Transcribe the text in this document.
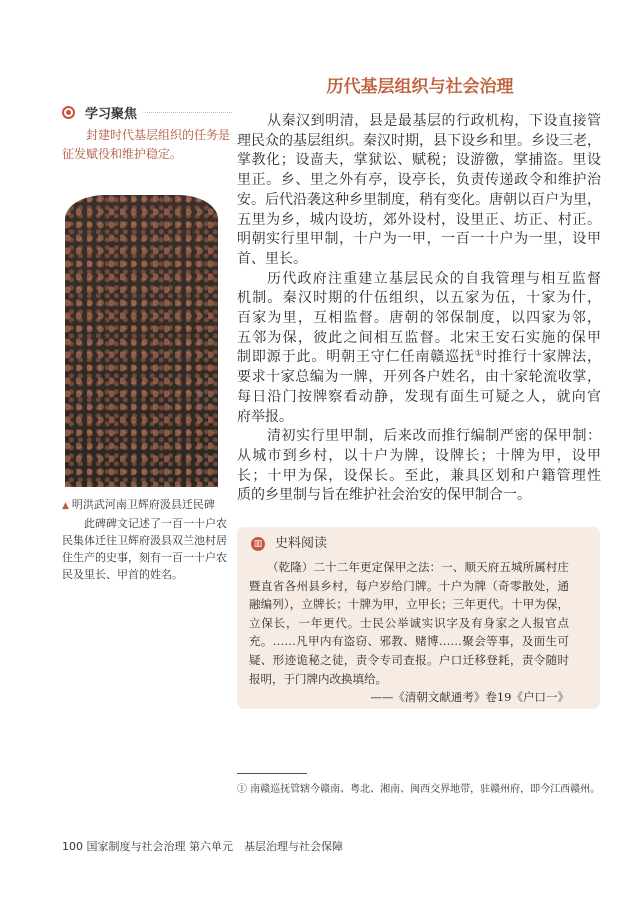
历代基层组织与社会治理
从秦汉到明清，县是最基层的行政机构，下设直接管
理民众的基层组织。秦汉时期，县下设乡和里。乡设三老，
掌教化；设啬夫，掌狱讼、赋税；设游徼，掌捕盗。里设
里正。乡、里之外有亭，设亭长，负责传递政令和维护治
安。后代沿袭这种乡里制度，稍有变化。唐朝以百户为里，
五里为乡，城内设坊，郊外设村，设里正、坊正、村正。
明朝实行里甲制，十户为一甲，一百一十户为一里，设甲
首、里长。
历代政府注重建立基层民众的自我管理与相互监督
机制。秦汉时期的什伍组织，以五家为伍，十家为什，
百家为里，互相监督。唐朝的邻保制度，以四家为邻，
五邻为保，彼此之间相互监督。北宋王安石实施的保甲
制即源于此。明朝王守仁任南赣巡抚①时推行十家牌法，
要求十家总编为一牌，开列各户姓名，由十家轮流收掌，
每日沿门按牌察看动静，发现有面生可疑之人，就向官
府举报。
清初实行里甲制，后来改而推行编制严密的保甲制：
从城市到乡村，以十户为牌，设牌长；十牌为甲，设甲
长；十甲为保，设保长。至此，兼具区划和户籍管理性
质的乡里制与旨在维护社会治安的保甲制合一。
学习聚焦
封建时代基层组织的任务是征发赋役和维护稳定。
▲ 明洪武河南卫辉府汲县迁民碑
此碑碑文记述了一百一十户农民集体迁往卫辉府汲县双兰池村居住生产的史事，刻有一百一十户农民及里长、甲首的姓名。
▥ 史料阅读
（乾隆）二十二年更定保甲之法：一、顺天府五城所属村庄
暨直省各州县乡村，每户岁给门牌。十户为牌（奇零散处，通
融编列），立牌长；十牌为甲，立甲长；三年更代。十甲为保，
立保长，一年更代。士民公举诚实识字及有身家之人报官点
充。……凡甲内有盗窃、邪教、赌博……聚会等事，及面生可
疑、形迹诡秘之徒，责令专司查报。户口迁移登耗，责令随时
报明，于门牌内改换填给。
——《清朝文献通考》卷19《户口一》
① 南赣巡抚管辖今赣南、粤北、湘南、闽西交界地带，驻赣州府，即今江西赣州。
100 国家制度与社会治理 第六单元　基层治理与社会保障
